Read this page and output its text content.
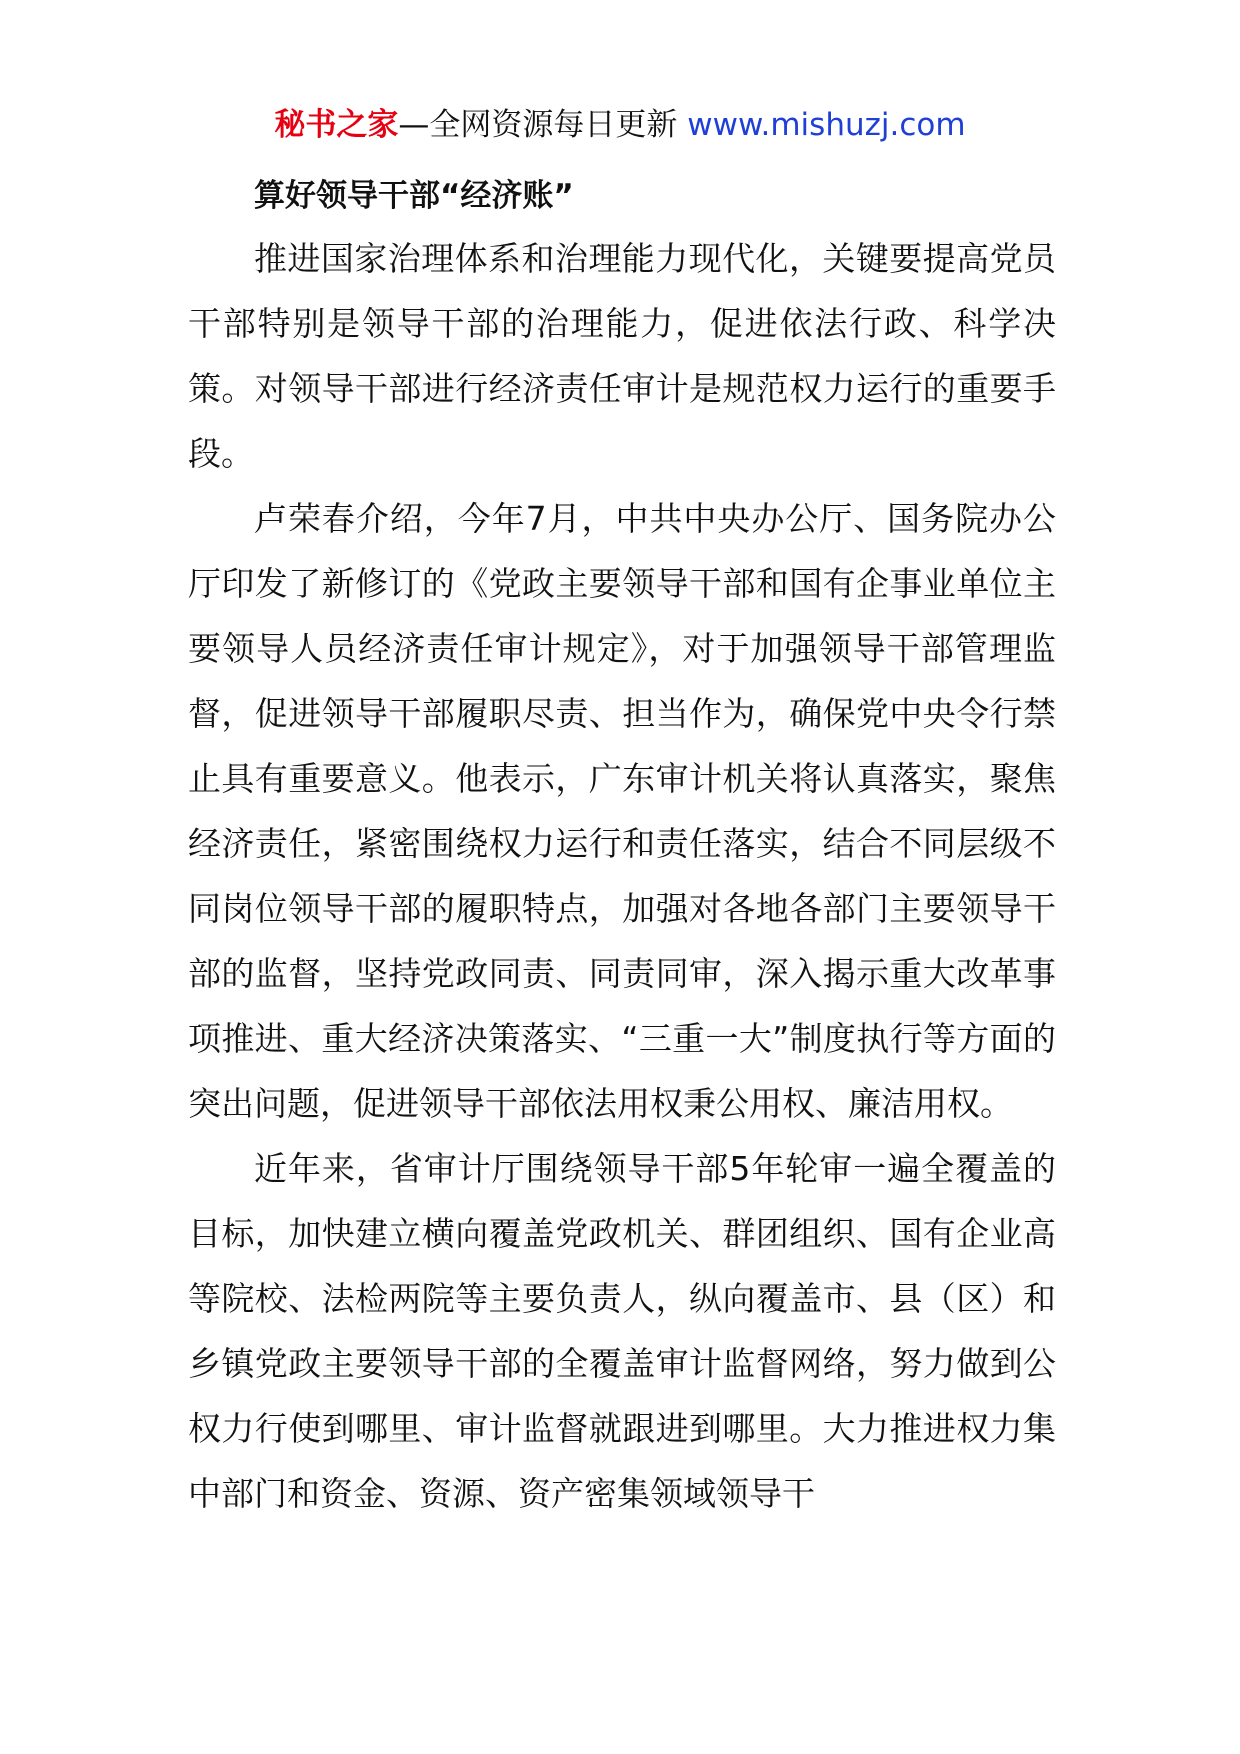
秘书之家—全网资源每日更新 www.mishuzj.com
算好领导干部“经济账”

推进国家治理体系和治理能力现代化，关键要提高党员干部特别是领导干部的治理能力，促进依法行政、科学决策。对领导干部进行经济责任审计是规范权力运行的重要手段。

卢荣春介绍，今年7月，中共中央办公厅、国务院办公厅印发了新修订的《党政主要领导干部和国有企事业单位主要领导人员经济责任审计规定》，对于加强领导干部管理监督，促进领导干部履职尽责、担当作为，确保党中央令行禁止具有重要意义。他表示，广东审计机关将认真落实，聚焦经济责任，紧密围绕权力运行和责任落实，结合不同层级不同岗位领导干部的履职特点，加强对各地各部门主要领导干部的监督，坚持党政同责、同责同审，深入揭示重大改革事项推进、重大经济决策落实、“三重一大”制度执行等方面的突出问题，促进领导干部依法用权秉公用权、廉洁用权。

近年来，省审计厅围绕领导干部5年轮审一遍全覆盖的目标，加快建立横向覆盖党政机关、群团组织、国有企业高等院校、法检两院等主要负责人，纵向覆盖市、县（区）和乡镇党政主要领导干部的全覆盖审计监督网络，努力做到公权力行使到哪里、审计监督就跟进到哪里。大力推进权力集中部门和资金、资源、资产密集领域领导干
